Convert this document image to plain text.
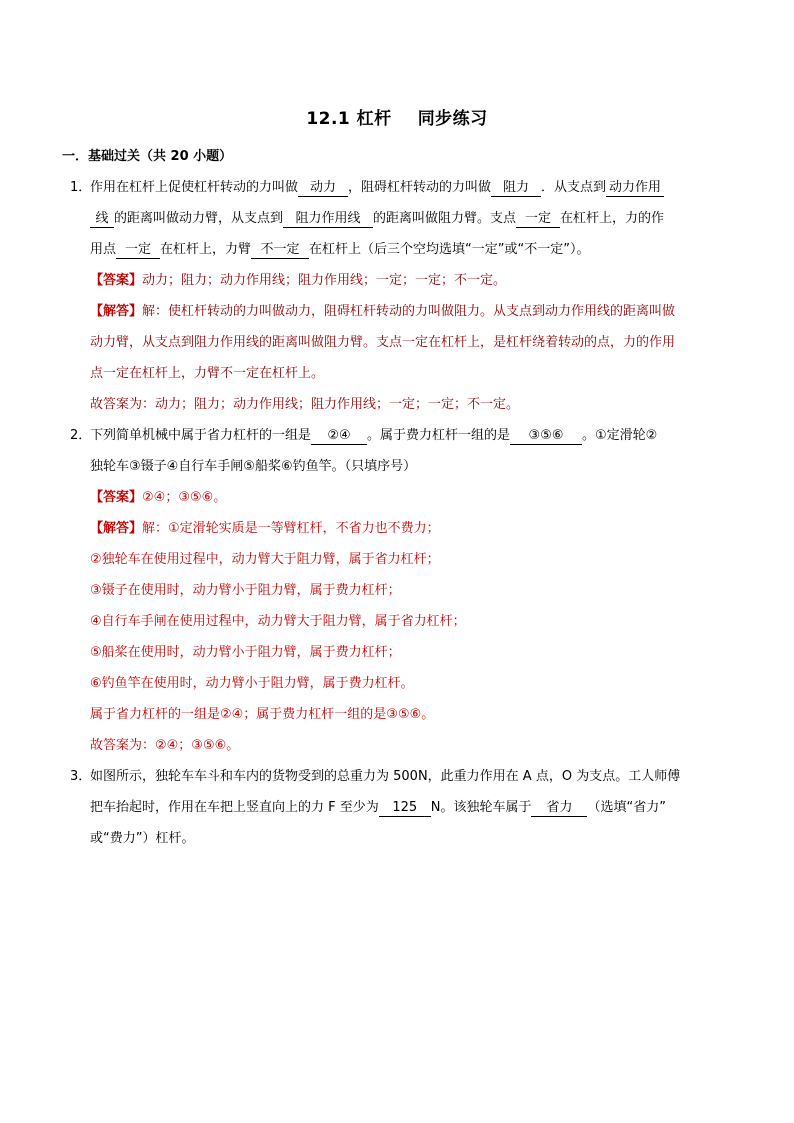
12.1 杠杆 同步练习
一．基础过关（共 20 小题）
1．
作用在杠杆上促使杠杆转动的力叫做 动力 ，阻碍杠杆转动的力叫做 阻力 ．从支点到 动力作用
线 的距离叫做动力臂，从支点到 阻力作用线 的距离叫做阻力臂。支点 一定 在杠杆上，力的作
用点 一定 在杠杆上，力臂 不一定 在杠杆上（后三个空均选填“一定”或“不一定”）。
【答案】动力；阻力；动力作用线；阻力作用线；一定；一定；不一定。
【解答】解：使杠杆转动的力叫做动力，阻碍杠杆转动的力叫做阻力。从支点到动力作用线的距离叫做
动力臂，从支点到阻力作用线的距离叫做阻力臂。支点一定在杠杆上，是杠杆绕着转动的点，力的作用
点一定在杠杆上，力臂不一定在杠杆上。
故答案为：动力；阻力；动力作用线；阻力作用线；一定；一定；不一定。
2．
下列简单机械中属于省力杠杆的一组是 ②④ 。属于费力杠杆一组的是 ③⑤⑥ 。①定滑轮②
独轮车③镊子④自行车手闸⑤船桨⑥钓鱼竿。（只填序号）
【答案】②④；③⑤⑥。
【解答】解：①定滑轮实质是一等臂杠杆，不省力也不费力；
②独轮车在使用过程中，动力臂大于阻力臂，属于省力杠杆；
③镊子在使用时，动力臂小于阻力臂，属于费力杠杆；
④自行车手闸在使用过程中，动力臂大于阻力臂，属于省力杠杆；
⑤船桨在使用时，动力臂小于阻力臂，属于费力杠杆；
⑥钓鱼竿在使用时，动力臂小于阻力臂，属于费力杠杆。
属于省力杠杆的一组是②④；属于费力杠杆一组的是③⑤⑥。
故答案为：②④；③⑤⑥。
3．
如图所示，独轮车车斗和车内的货物受到的总重力为 500N，此重力作用在 A 点，O 为支点。工人师傅
把车抬起时，作用在车把上竖直向上的力 F 至少为 125 N。该独轮车属于 省力 （选填“省力”
或“费力”）杠杆。
